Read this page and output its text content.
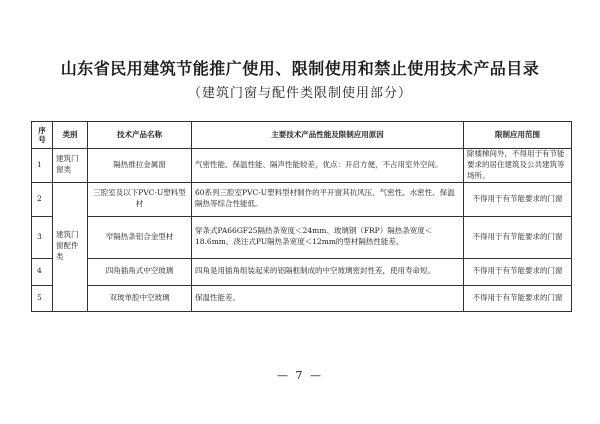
山东省民用建筑节能推广使用、限制使用和禁止使用技术产品目录
（建筑门窗与配件类限制使用部分）
序号	类别	技术产品名称	主要技术产品性能及限制应用原因	限制应用范围
1	建筑门窗类	隔热推拉金属窗	气密性能、保温性能、隔声性能较差，优点：开启方便，不占用室外空间。	除楼梯间外，不得用于有节能要求的居住建筑及公共建筑等场所。
2	建筑门窗配件类	三腔室及以下PVC-U塑料型材	60系列三腔室PVC-U塑料型材制作的平开窗其抗风压、气密性、水密性、保温隔热等综合性能低。	不得用于有节能要求的门窗
3		窄隔热条铝合金型材	穿条式PA66GF25隔热条宽度＜24mm、玻璃钢（FRP）隔热条宽度＜18.6mm、浇注式PU隔热条宽度＜12mm的型材隔热性能差。	不得用于有节能要求的门窗
4		四角插角式中空玻璃	四角是用插角组装起来的铝隔框制成的中空玻璃密封性差，使用寿命短。	不得用于有节能要求的门窗
5		双玻单腔中空玻璃	保温性能差。	不得用于有节能要求的门窗
— 7 —
